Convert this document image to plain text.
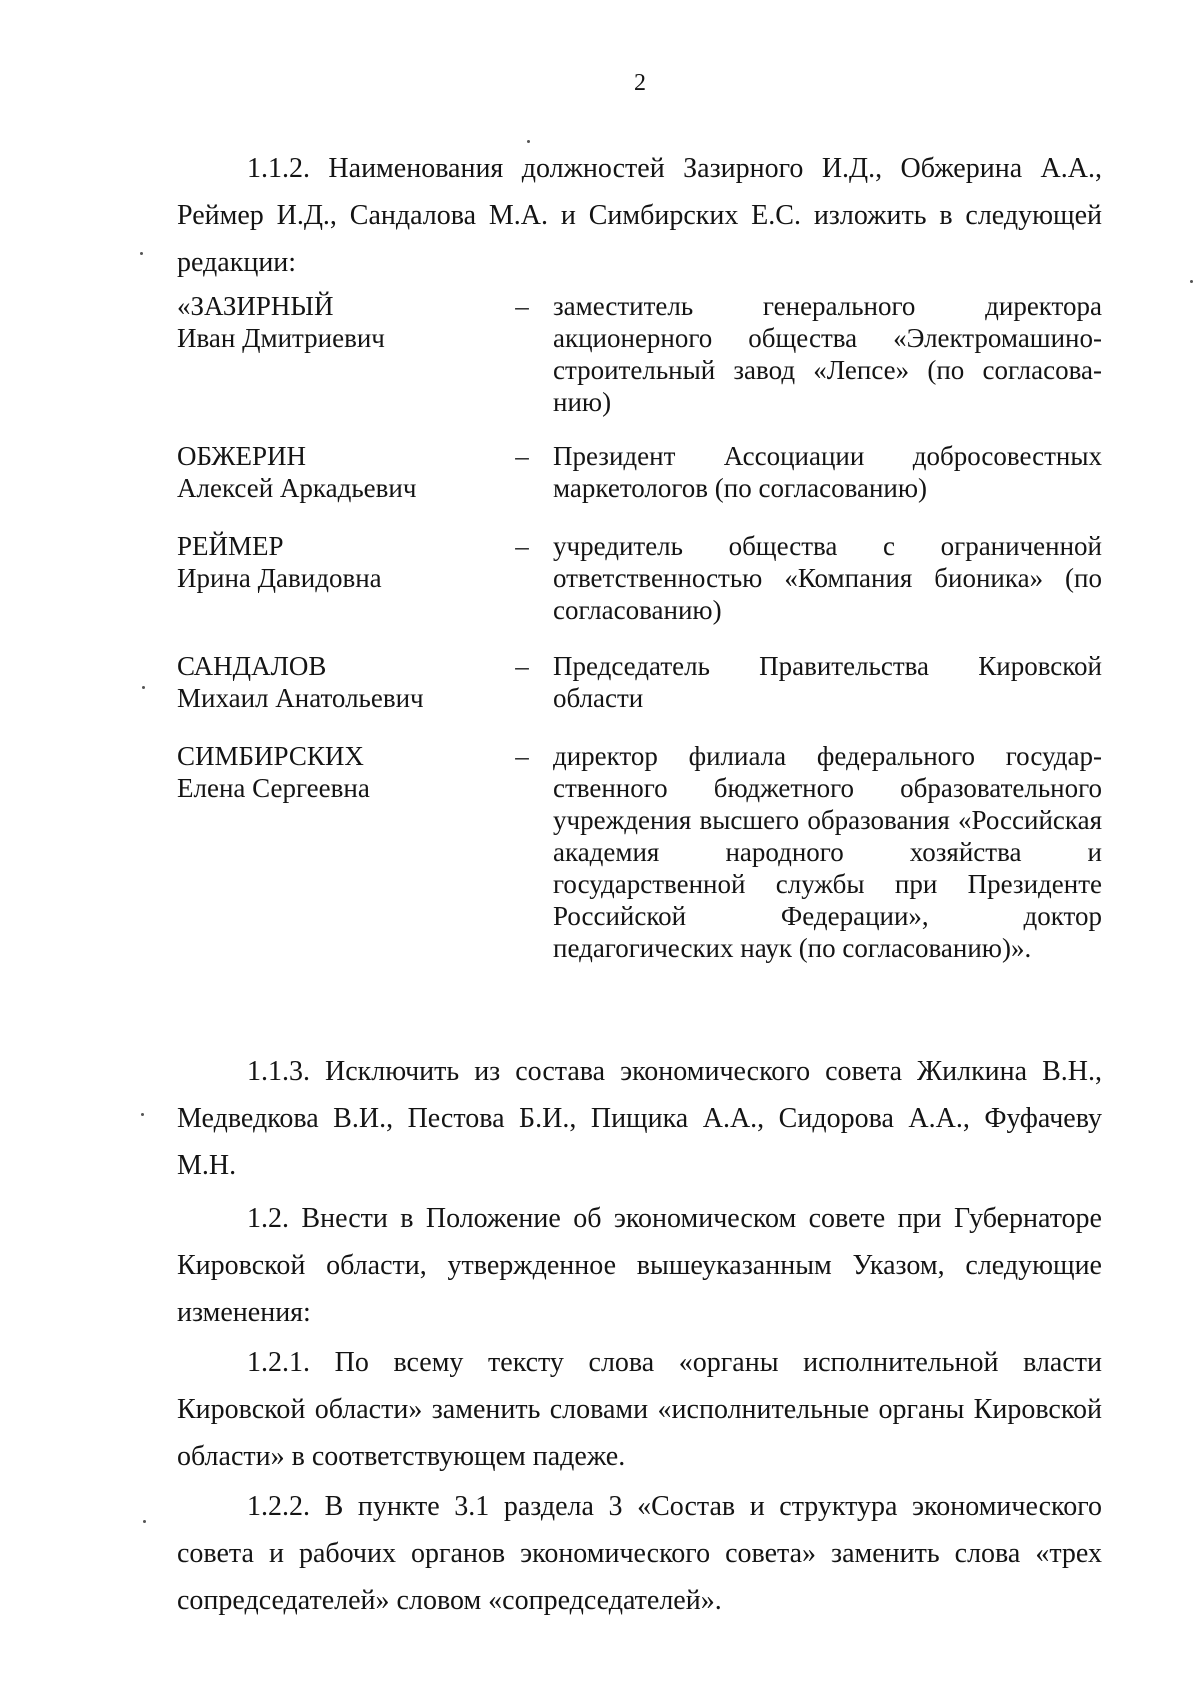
2
1.1.2. Наименования должностей Зазирного И.Д., Обжерина А.А., Реймер И.Д., Сандалова М.А. и Симбирских Е.С. изложить в следующей редакции:
«ЗАЗИРНЫЙ
Иван Дмитриевич
– заместитель генерального директора акционерного общества «Электромашиностроительный завод «Лепсе» (по согласованию)
ОБЖЕРИН
Алексей Аркадьевич
– Президент Ассоциации добросовестных маркетологов (по согласованию)
РЕЙМЕР
Ирина Давидовна
– учредитель общества с ограниченной ответственностью «Компания бионика» (по согласованию)
САНДАЛОВ
Михаил Анатольевич
– Председатель Правительства Кировской области
СИМБИРСКИХ
Елена Сергеевна
– директор филиала федерального государственного бюджетного образовательного учреждения высшего образования «Российская академия народного хозяйства и государственной службы при Президенте Российской Федерации», доктор педагогических наук (по согласованию)».
1.1.3. Исключить из состава экономического совета Жилкина В.Н., Медведкова В.И., Пестова Б.И., Пищика А.А., Сидорова А.А., Фуфачеву М.Н.
1.2. Внести в Положение об экономическом совете при Губернаторе Кировской области, утвержденное вышеуказанным Указом, следующие изменения:
1.2.1. По всему тексту слова «органы исполнительной власти Кировской области» заменить словами «исполнительные органы Кировской области» в соответствующем падеже.
1.2.2. В пункте 3.1 раздела 3 «Состав и структура экономического совета и рабочих органов экономического совета» заменить слова «трех сопредседателей» словом «сопредседателей».
